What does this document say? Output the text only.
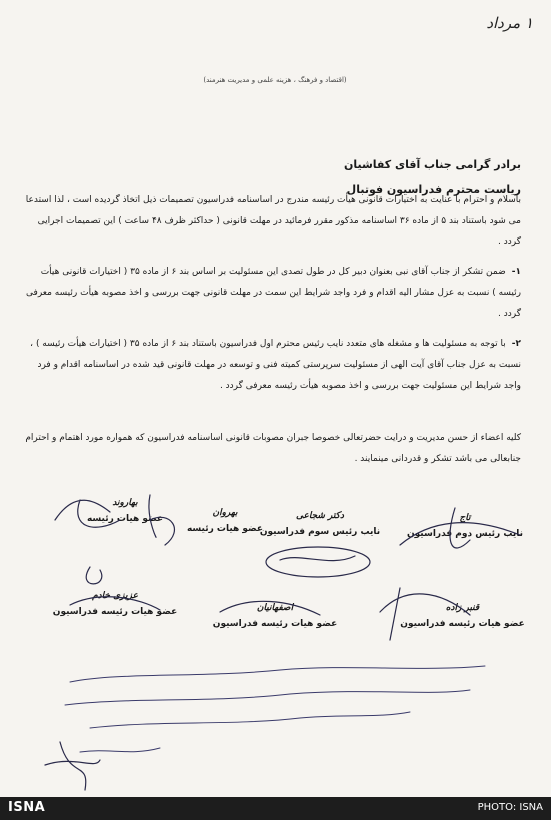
۱ مرداد
(اقتصاد و فرهنگ ، هزینه علمی و مدیریت هنرمند)
برادر گرامی جناب آقای کفاشیان
ریاست محترم فدراسیون فوتبال
باسلام و احترام با عنایت به اختیارات قانونی هیأت رئیسه مندرج در اساسنامه فدراسیون تصمیمات ذیل اتخاذ گردیده است ، لذا استدعا می شود باستناد بند ۵ از ماده ۳۶ اساسنامه مذکور مقرر فرمائید در مهلت قانونی ( حداکثر ظرف ۴۸ ساعت ) این تصمیمات اجرایی گردد .
۱-ضمن تشکر از جناب آقای نبی بعنوان دبیر کل در طول تصدی این مسئولیت بر اساس بند ۶ از ماده ۳۵ ( اختیارات قانونی هیأت رئیسه ) نسبت به عزل مشار الیه اقدام و فرد واجد شرایط این سمت در مهلت قانونی جهت بررسی و اخذ مصوبه هیأت رئیسه معرفی گردد .
۲-با توجه به مسئولیت ها و مشغله های متعدد نایب رئیس محترم اول فدراسیون باستناد بند ۶ از ماده ۳۵ ( اختیارات هیأت رئیسه ) ، نسبت به عزل جناب آقای آیت الهی از مسئولیت سرپرستی کمیته فنی و توسعه در مهلت قانونی قید شده در اساسنامه اقدام و فرد واجد شرایط این مسئولیت جهت بررسی و اخذ مصوبه هیأت رئیسه معرفی گردد .
کلیه اعضاء از حسن مدیریت و درایت حضرتعالی خصوصا جبران مصوبات قانونی اساسنامه فدراسیون که همواره مورد اهتمام و احترام جنابعالی می باشد تشکر و قدردانی مینمایند .
تاج
نایب رئیس دوم فدراسیون
دکتر شجاعی
نایب رئیس سوم فدراسیون
بهروان
عضو هیات رئیسه
بهاروند
عضو هیات رئیسه
قنبر زاده
عضو هیات رئیسه فدراسیون
اصفهانیان
عضو هیات رئیسه فدراسیون
عزیزی خادم
عضو هیات رئیسه فدراسیون
ISNA	PHOTO: ISNA
